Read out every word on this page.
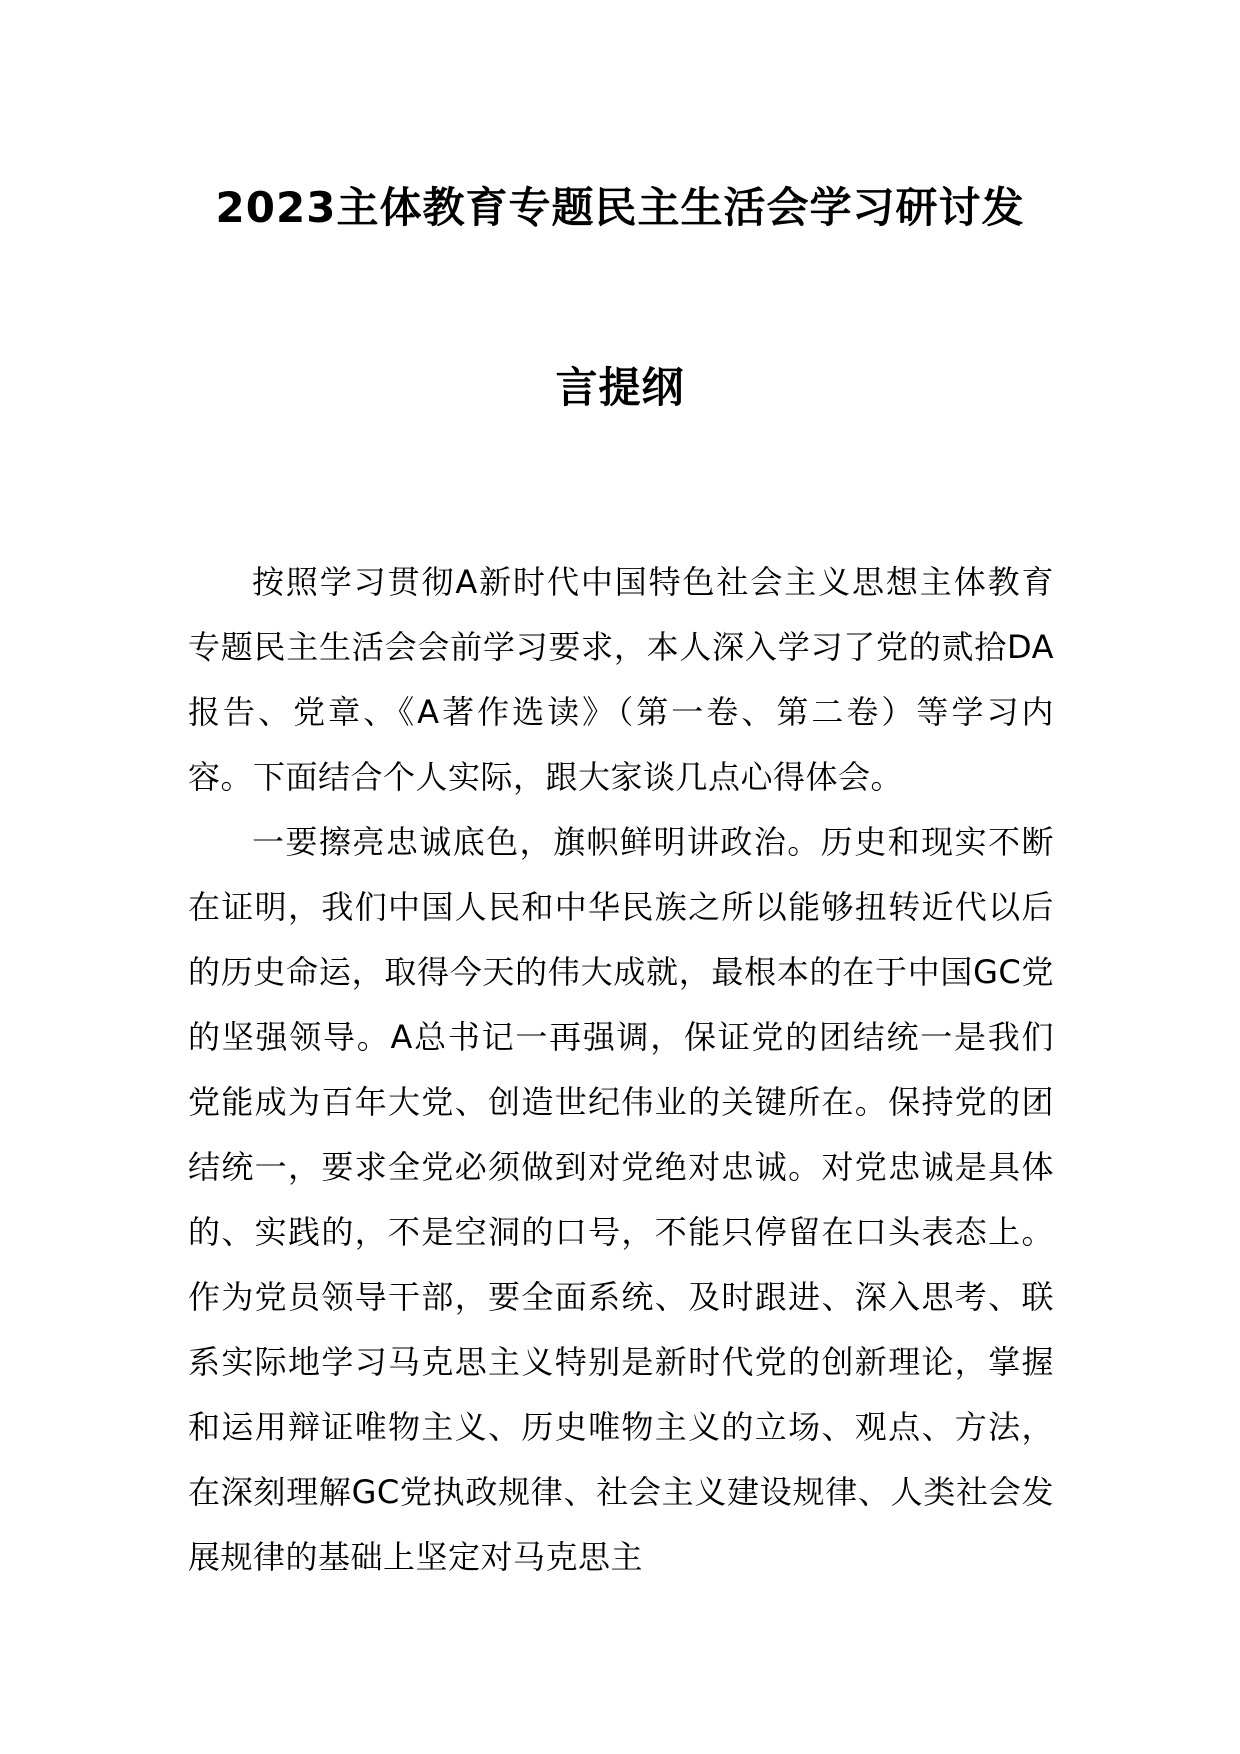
2023主体教育专题民主生活会学习研讨发
言提纲

按照学习贯彻A新时代中国特色社会主义思想主体教育专题民主生活会会前学习要求，本人深入学习了党的贰拾DA报告、党章、《A著作选读》（第一卷、第二卷）等学习内容。下面结合个人实际，跟大家谈几点心得体会。

一要擦亮忠诚底色，旗帜鲜明讲政治。历史和现实不断在证明，我们中国人民和中华民族之所以能够扭转近代以后的历史命运，取得今天的伟大成就，最根本的在于中国GC党的坚强领导。A总书记一再强调，保证党的团结统一是我们党能成为百年大党、创造世纪伟业的关键所在。保持党的团结统一，要求全党必须做到对党绝对忠诚。对党忠诚是具体的、实践的，不是空洞的口号，不能只停留在口头表态上。作为党员领导干部，要全面系统、及时跟进、深入思考、联系实际地学习马克思主义特别是新时代党的创新理论，掌握和运用辩证唯物主义、历史唯物主义的立场、观点、方法，在深刻理解GC党执政规律、社会主义建设规律、人类社会发展规律的基础上坚定对马克思主
